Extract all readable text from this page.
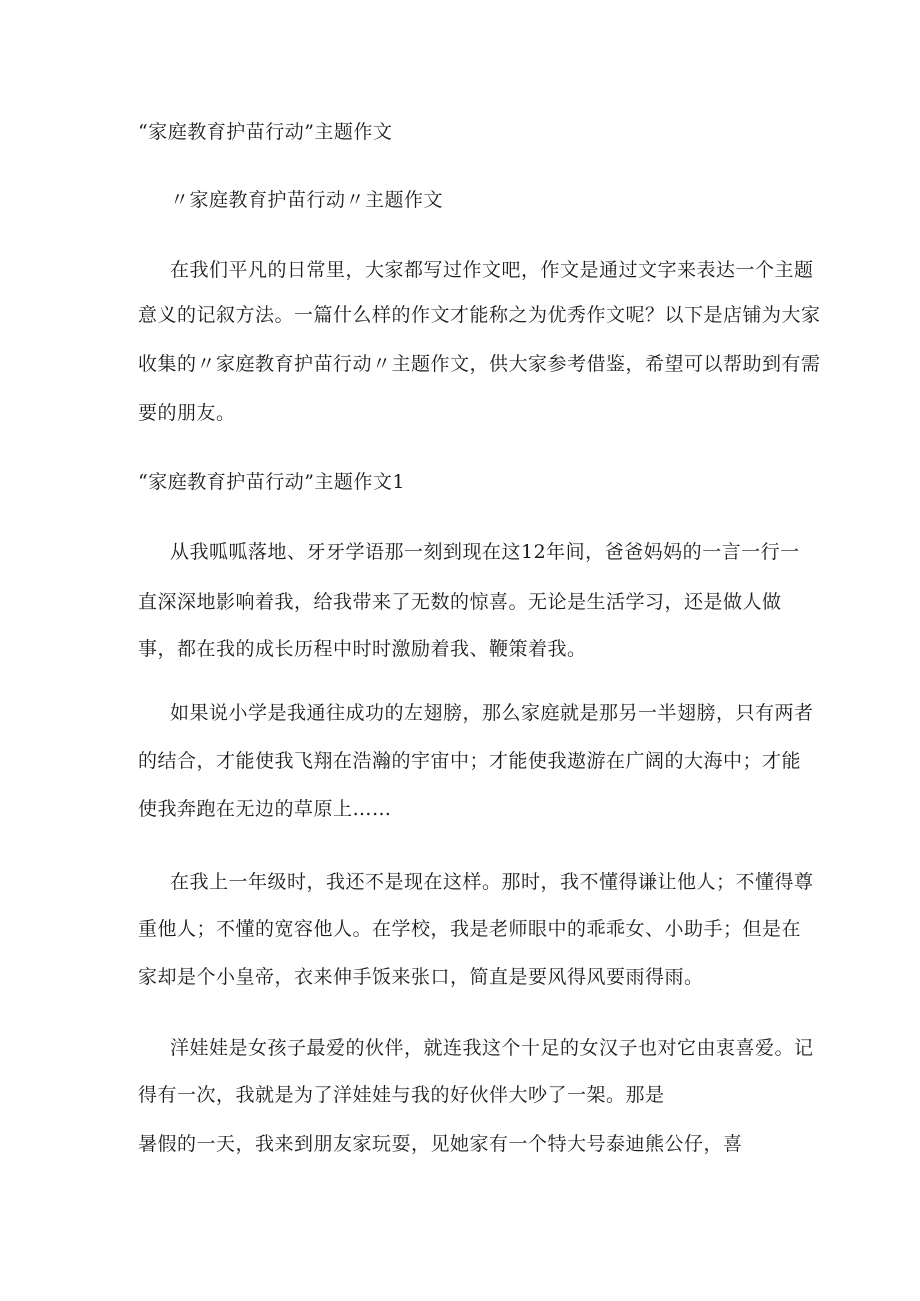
“家庭教育护苗行动”主题作文
〃家庭教育护苗行动〃主题作文
在我们平凡的日常里，大家都写过作文吧，作文是通过文字来表达一个主题
意义的记叙方法。一篇什么样的作文才能称之为优秀作文呢？以下是店铺为大家
收集的〃家庭教育护苗行动〃主题作文，供大家参考借鉴，希望可以帮助到有需
要的朋友。
“家庭教育护苗行动”主题作文1
从我呱呱落地、牙牙学语那一刻到现在这12年间，爸爸妈妈的一言一行一
直深深地影响着我，给我带来了无数的惊喜。无论是生活学习，还是做人做
事，都在我的成长历程中时时激励着我、鞭策着我。
如果说小学是我通往成功的左翅膀，那么家庭就是那另一半翅膀，只有两者
的结合，才能使我飞翔在浩瀚的宇宙中；才能使我遨游在广阔的大海中；才能
使我奔跑在无边的草原上……
在我上一年级时，我还不是现在这样。那时，我不懂得谦让他人；不懂得尊
重他人；不懂的宽容他人。在学校，我是老师眼中的乖乖女、小助手；但是在
家却是个小皇帝，衣来伸手饭来张口，简直是要风得风要雨得雨。
洋娃娃是女孩子最爱的伙伴，就连我这个十足的女汉子也对它由衷喜爱。记
得有一次，我就是为了洋娃娃与我的好伙伴大吵了一架。那是
暑假的一天，我来到朋友家玩耍，见她家有一个特大号泰迪熊公仔，喜
